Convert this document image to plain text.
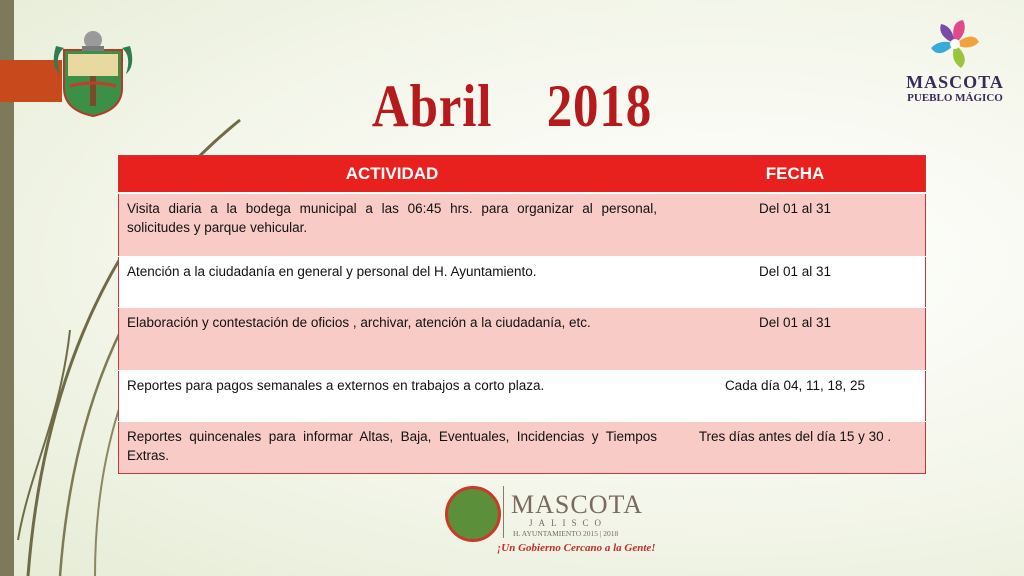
Abril    2018	MASCOTA
PUEBLO MÁGICO
ACTIVIDAD	FECHA
Visita diaria a la bodega municipal a las 06:45 hrs. para organizar al personal, solicitudes y parque vehicular.	Del 01 al 31
Atención a la ciudadanía en general y personal del H. Ayuntamiento.	Del 01 al 31
Elaboración y contestación de oficios , archivar, atención a la ciudadanía, etc.	Del 01 al 31
Reportes para pagos semanales a externos en trabajos a corto plaza.	Cada día 04, 11, 18, 25
Reportes quincenales para informar Altas, Baja, Eventuales, Incidencias y Tiempos Extras.	Tres días antes del día 15 y 30 .
MASCOTA
JALISCO
H. AYUNTAMIENTO 2015 | 2018
¡Un Gobierno Cercano a la Gente!
